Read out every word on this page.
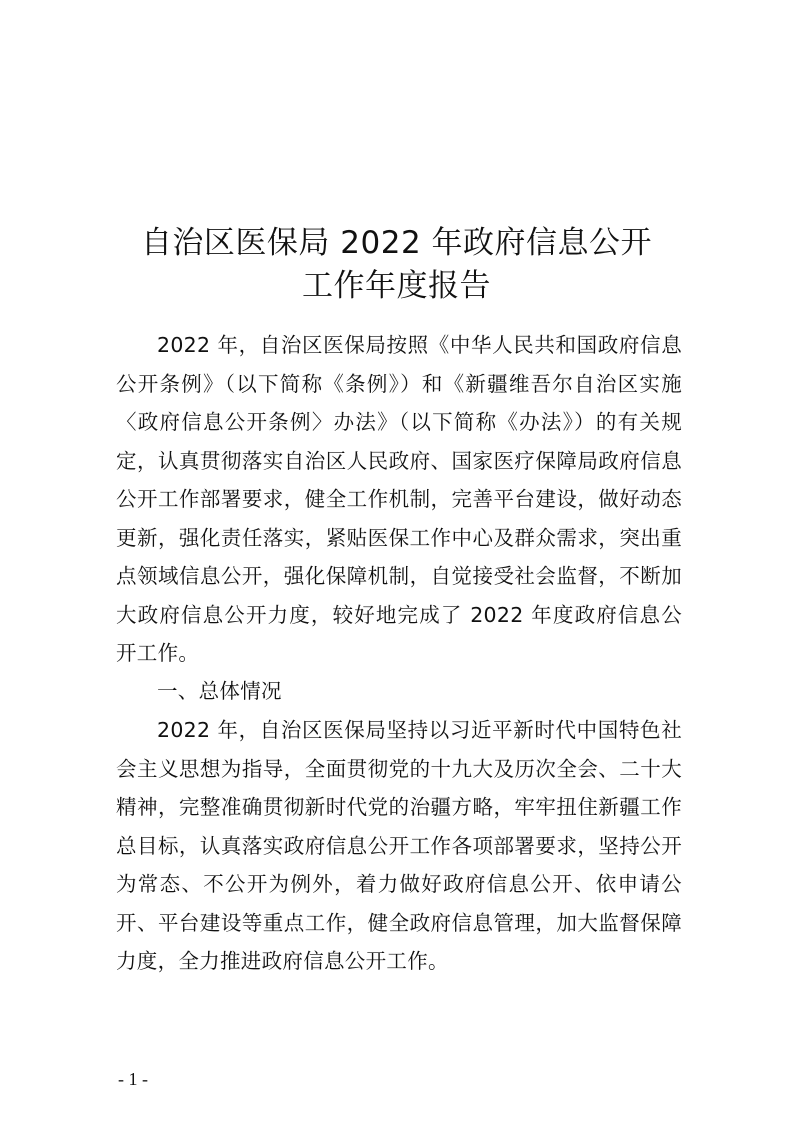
自治区医保局 2022 年政府信息公开
工作年度报告

2022 年，自治区医保局按照《中华人民共和国政府信息公开条例》（以下简称《条例》）和《新疆维吾尔自治区实施〈政府信息公开条例〉办法》（以下简称《办法》）的有关规定，认真贯彻落实自治区人民政府、国家医疗保障局政府信息公开工作部署要求，健全工作机制，完善平台建设，做好动态更新，强化责任落实，紧贴医保工作中心及群众需求，突出重点领域信息公开，强化保障机制，自觉接受社会监督，不断加大政府信息公开力度，较好地完成了 2022 年度政府信息公开工作。

一、总体情况

2022 年，自治区医保局坚持以习近平新时代中国特色社会主义思想为指导，全面贯彻党的十九大及历次全会、二十大精神，完整准确贯彻新时代党的治疆方略，牢牢扭住新疆工作总目标，认真落实政府信息公开工作各项部署要求，坚持公开为常态、不公开为例外，着力做好政府信息公开、依申请公开、平台建设等重点工作，健全政府信息管理，加大监督保障力度，全力推进政府信息公开工作。

- 1 -
